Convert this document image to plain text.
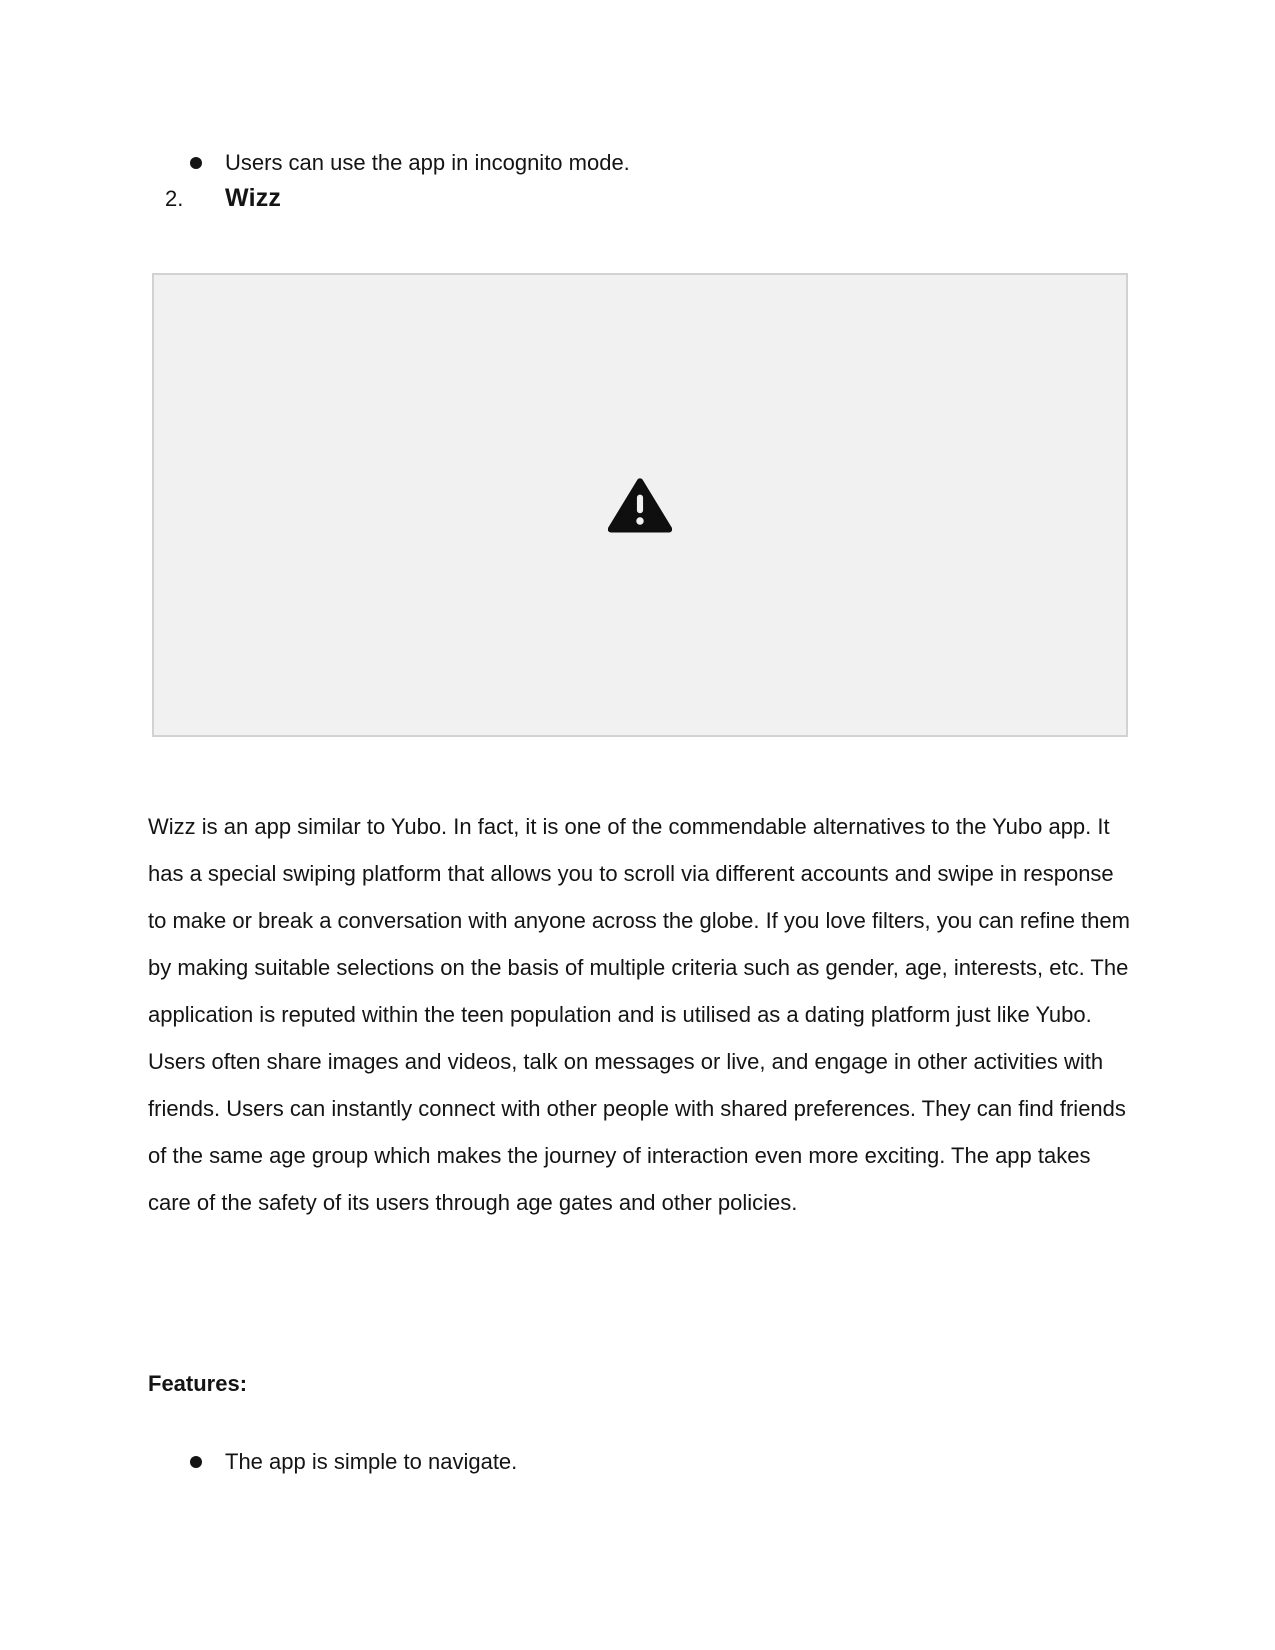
Users can use the app in incognito mode.
2.	Wizz
Wizz is an app similar to Yubo. In fact, it is one of the commendable alternatives to the Yubo app. It has a special swiping platform that allows you to scroll via different accounts and swipe in response to make or break a conversation with anyone across the globe. If you love filters, you can refine them by making suitable selections on the basis of multiple criteria such as gender, age, interests, etc. The application is reputed within the teen population and is utilised as a dating platform just like Yubo. Users often share images and videos, talk on messages or live, and engage in other activities with friends. Users can instantly connect with other people with shared preferences. They can find friends of the same age group which makes the journey of interaction even more exciting. The app takes care of the safety of its users through age gates and other policies.
Features:
The app is simple to navigate.
